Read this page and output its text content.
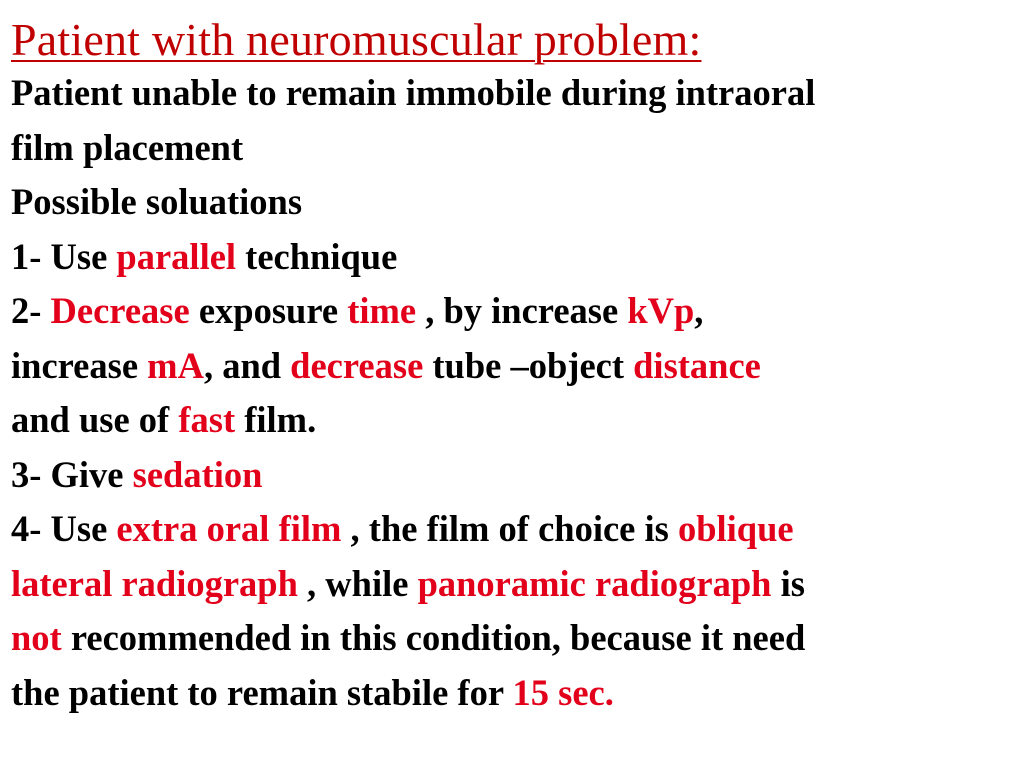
Patient with neuromuscular problem:
Patient unable to remain immobile during intraoral
film placement
Possible soluations
1- Use parallel technique
2- Decrease exposure time , by increase kVp,
increase mA, and decrease tube –object distance
and use of fast film.
3- Give sedation
4- Use extra oral film , the film of choice is oblique
lateral radiograph , while panoramic radiograph is
not recommended in this condition, because it need
the patient to remain stabile for 15 sec.
